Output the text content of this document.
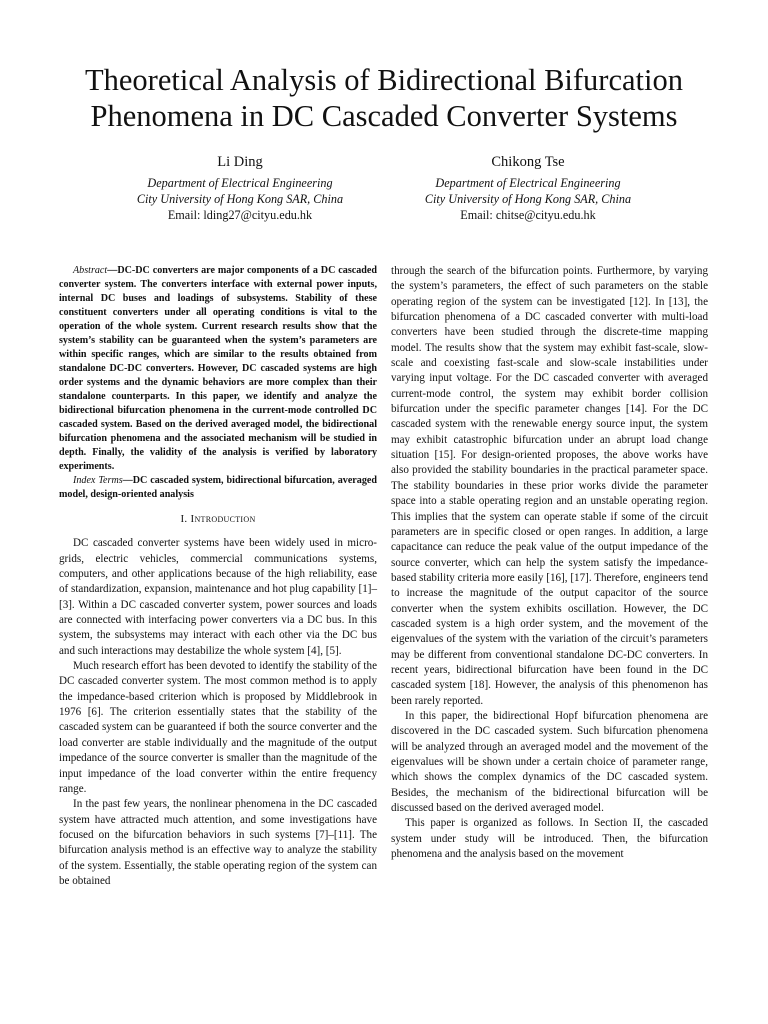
Theoretical Analysis of Bidirectional Bifurcation
Phenomena in DC Cascaded Converter Systems
Li Ding
Department of Electrical Engineering
City University of Hong Kong SAR, China
Email: lding27@cityu.edu.hk
Chikong Tse
Department of Electrical Engineering
City University of Hong Kong SAR, China
Email: chitse@cityu.edu.hk

Abstract—DC-DC converters are major components of a DC cascaded converter system. The converters interface with external power inputs, internal DC buses and loadings of subsystems. Stability of these constituent converters under all operating conditions is vital to the operation of the whole system. Current research results show that the system’s stability can be guaranteed when the system’s parameters are within specific ranges, which are similar to the results obtained from standalone DC-DC converters. However, DC cascaded systems are high order systems and the dynamic behaviors are more complex than their standalone counterparts. In this paper, we identify and analyze the bidirectional bifurcation phenomena in the current-mode controlled DC cascaded system. Based on the derived averaged model, the bidirectional bifurcation phenomena and the associated mechanism will be studied in depth. Finally, the validity of the analysis is verified by laboratory experiments.

Index Terms—DC cascaded system, bidirectional bifurcation, averaged model, design-oriented analysis

I. Introduction

DC cascaded converter systems have been widely used in micro-grids, electric vehicles, commercial communications systems, computers, and other applications because of the high reliability, ease of standardization, expansion, maintenance and hot plug capability [1]–[3]. Within a DC cascaded converter system, power sources and loads are connected with interfacing power converters via a DC bus. In this system, the subsystems may interact with each other via the DC bus and such interactions may destabilize the whole system [4], [5].

Much research effort has been devoted to identify the stability of the DC cascaded converter system. The most common method is to apply the impedance-based criterion which is proposed by Middlebrook in 1976 [6]. The criterion essentially states that the stability of the cascaded system can be guaranteed if both the source converter and the load converter are stable individually and the magnitude of the output impedance of the source converter is smaller than the magnitude of the input impedance of the load converter within the entire frequency range.

In the past few years, the nonlinear phenomena in the DC cascaded system have attracted much attention, and some investigations have focused on the bifurcation behaviors in such systems [7]–[11]. The bifurcation analysis method is an effective way to analyze the stability of the system. Essentially, the stable operating region of the system can be obtained

through the search of the bifurcation points. Furthermore, by varying the system’s parameters, the effect of such parameters on the stable operating region of the system can be investigated [12]. In [13], the bifurcation phenomena of a DC cascaded converter with multi-load converters have been studied through the discrete-time mapping model. The results show that the system may exhibit fast-scale, slow-scale and coexisting fast-scale and slow-scale instabilities under varying input voltage. For the DC cascaded converter with averaged current-mode control, the system may exhibit border collision bifurcation under the specific parameter changes [14]. For the DC cascaded system with the renewable energy source input, the system may exhibit catastrophic bifurcation under an abrupt load change situation [15]. For design-oriented proposes, the above works have also provided the stability boundaries in the practical parameter space. The stability boundaries in these prior works divide the parameter space into a stable operating region and an unstable operating region. This implies that the system can operate stable if some of the circuit parameters are in specific closed or open ranges. In addition, a large capacitance can reduce the peak value of the output impedance of the source converter, which can help the system satisfy the impedance-based stability criteria more easily [16], [17]. Therefore, engineers tend to increase the magnitude of the output capacitor of the source converter when the system exhibits oscillation. However, the DC cascaded system is a high order system, and the movement of the eigenvalues of the system with the variation of the circuit’s parameters may be different from conventional standalone DC-DC converters. In recent years, bidirectional bifurcation have been found in the DC cascaded system [18]. However, the analysis of this phenomenon has been rarely reported.

In this paper, the bidirectional Hopf bifurcation phenomena are discovered in the DC cascaded system. Such bifurcation phenomena will be analyzed through an averaged model and the movement of the eigenvalues will be shown under a certain choice of parameter range, which shows the complex dynamics of the DC cascaded system. Besides, the mechanism of the bidirectional bifurcation will be discussed based on the derived averaged model.

This paper is organized as follows. In Section II, the cascaded system under study will be introduced. Then, the bifurcation phenomena and the analysis based on the movement
